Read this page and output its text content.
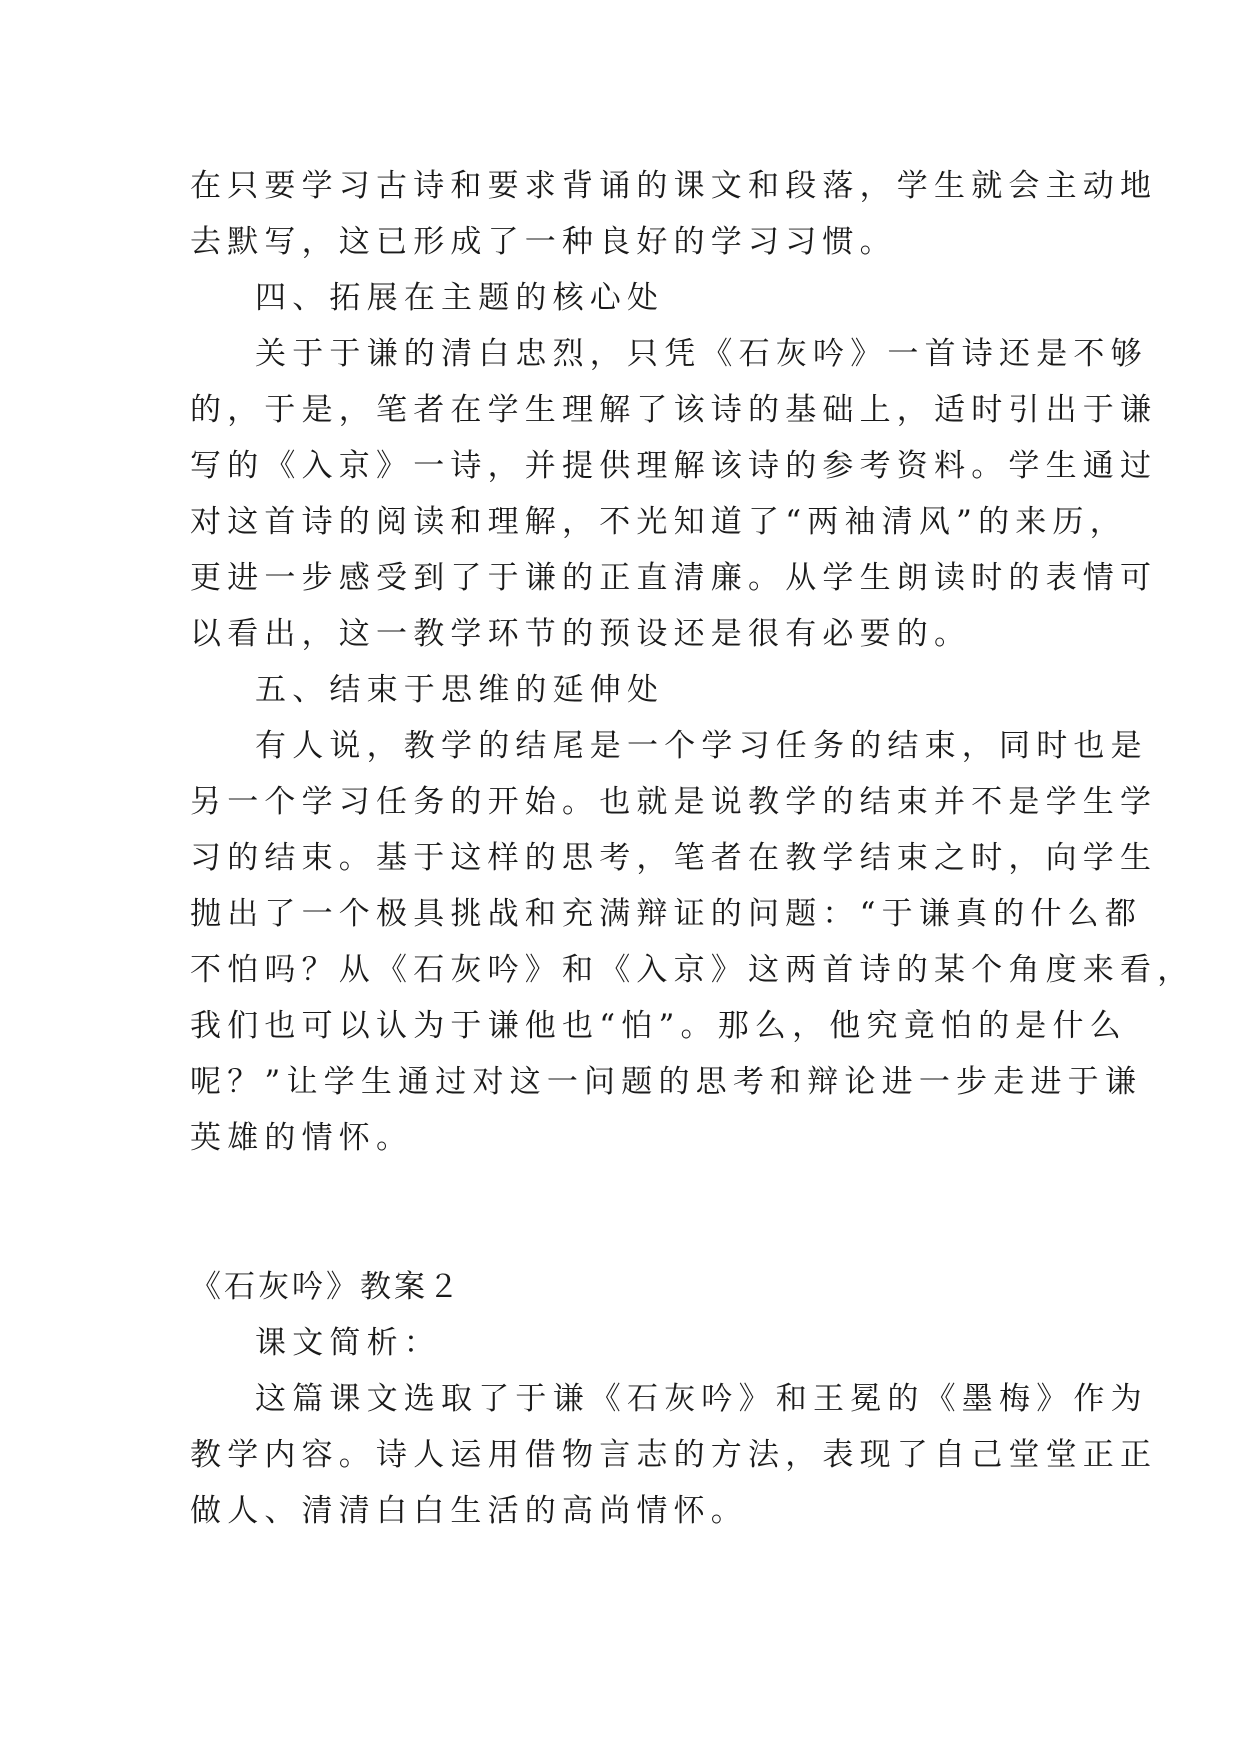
在只要学习古诗和要求背诵的课文和段落，学生就会主动地
去默写，这已形成了一种良好的学习习惯。
四、拓展在主题的核心处
关于于谦的清白忠烈，只凭《石灰吟》一首诗还是不够
的，于是，笔者在学生理解了该诗的基础上，适时引出于谦
写的《入京》一诗，并提供理解该诗的参考资料。学生通过
对这首诗的阅读和理解，不光知道了“两袖清风”的来历，
更进一步感受到了于谦的正直清廉。从学生朗读时的表情可
以看出，这一教学环节的预设还是很有必要的。
五、结束于思维的延伸处
有人说，教学的结尾是一个学习任务的结束，同时也是
另一个学习任务的开始。也就是说教学的结束并不是学生学
习的结束。基于这样的思考，笔者在教学结束之时，向学生
抛出了一个极具挑战和充满辩证的问题：“于谦真的什么都
不怕吗？从《石灰吟》和《入京》这两首诗的某个角度来看，
我们也可以认为于谦他也“怕”。那么，他究竟怕的是什么
呢？”让学生通过对这一问题的思考和辩论进一步走进于谦
英雄的情怀。
《石灰吟》教案２
课文简析：
这篇课文选取了于谦《石灰吟》和王冕的《墨梅》作为
教学内容。诗人运用借物言志的方法，表现了自己堂堂正正
做人、清清白白生活的高尚情怀。
